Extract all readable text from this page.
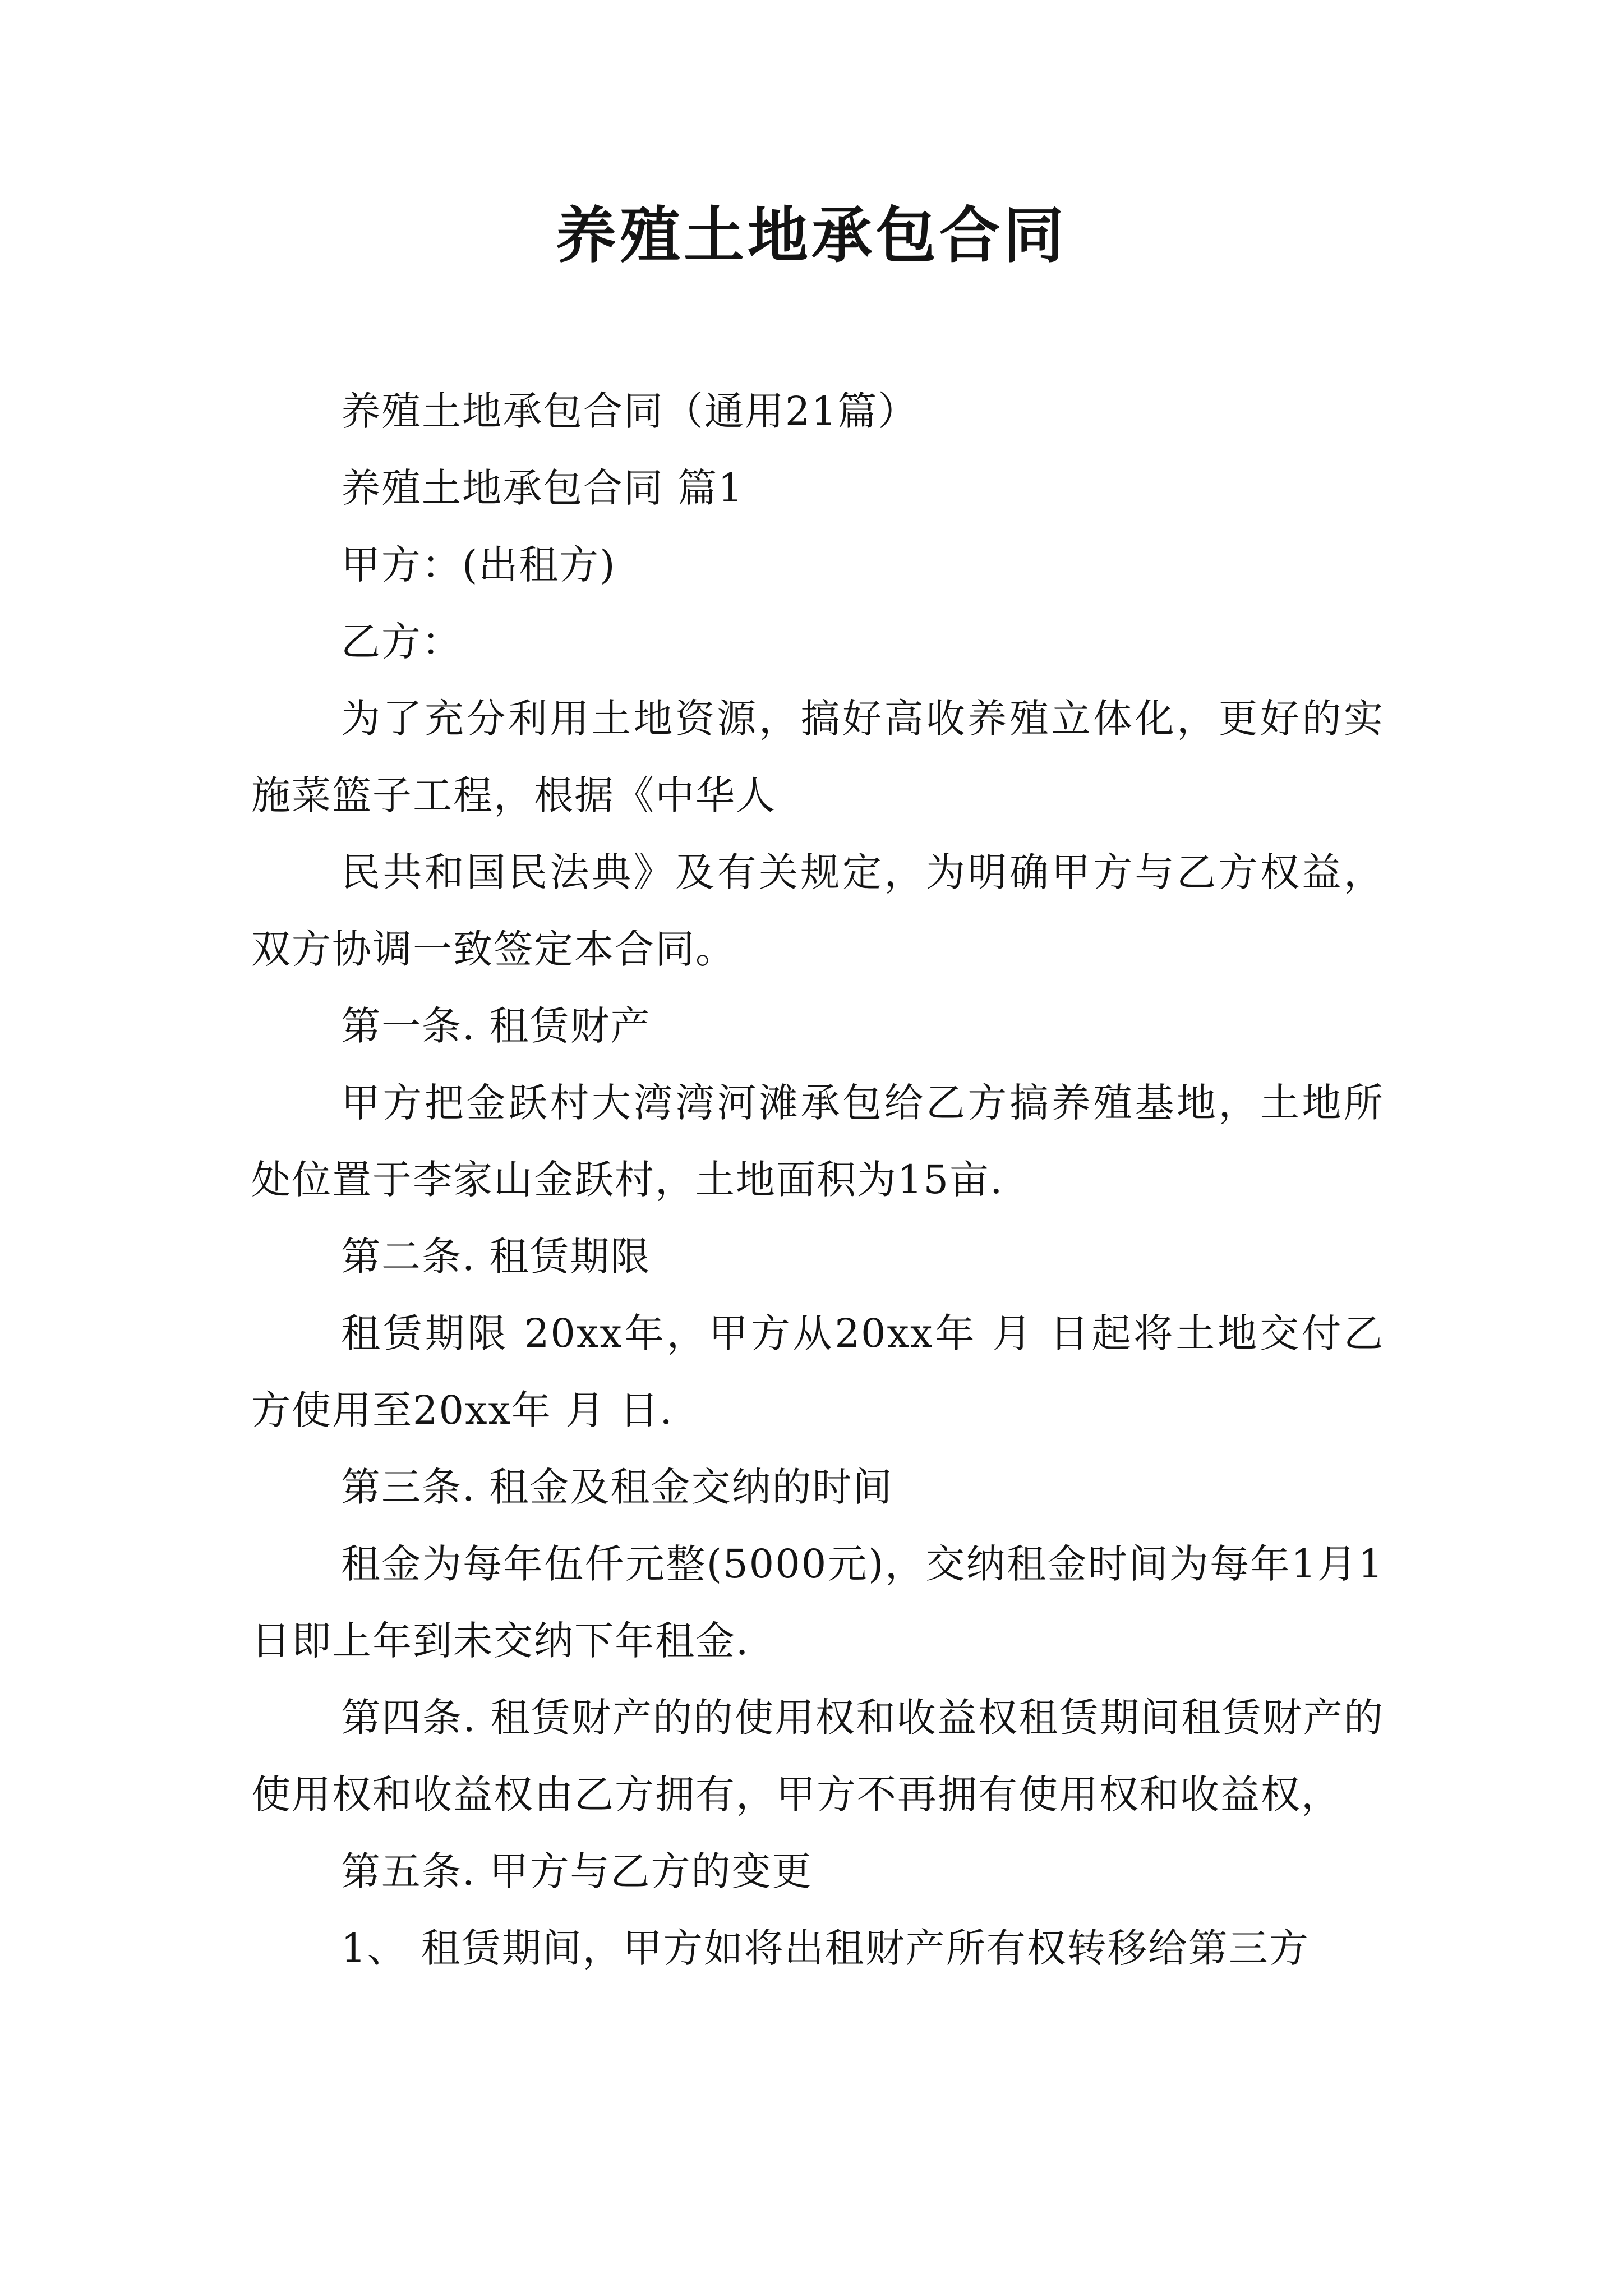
养殖土地承包合同

养殖土地承包合同（通用21篇）

养殖土地承包合同 篇1

甲方：(出租方)

乙方：

为了充分利用土地资源，搞好高收养殖立体化，更好的实施菜篮子工程，根据《中华人

民共和国民法典》及有关规定，为明确甲方与乙方权益，双方协调一致签定本合同。

第一条. 租赁财产

甲方把金跃村大湾湾河滩承包给乙方搞养殖基地，土地所处位置于李家山金跃村，土地面积为15亩.

第二条. 租赁期限

租赁期限 20xx年，甲方从20xx年 月 日起将土地交付乙方使用至20xx年 月 日.

第三条. 租金及租金交纳的时间

租金为每年伍仟元整(5000元)，交纳租金时间为每年1月1日即上年到未交纳下年租金.

第四条. 租赁财产的的使用权和收益权租赁期间租赁财产的使用权和收益权由乙方拥有，甲方不再拥有使用权和收益权，

第五条. 甲方与乙方的变更

1、 租赁期间，甲方如将出租财产所有权转移给第三方
